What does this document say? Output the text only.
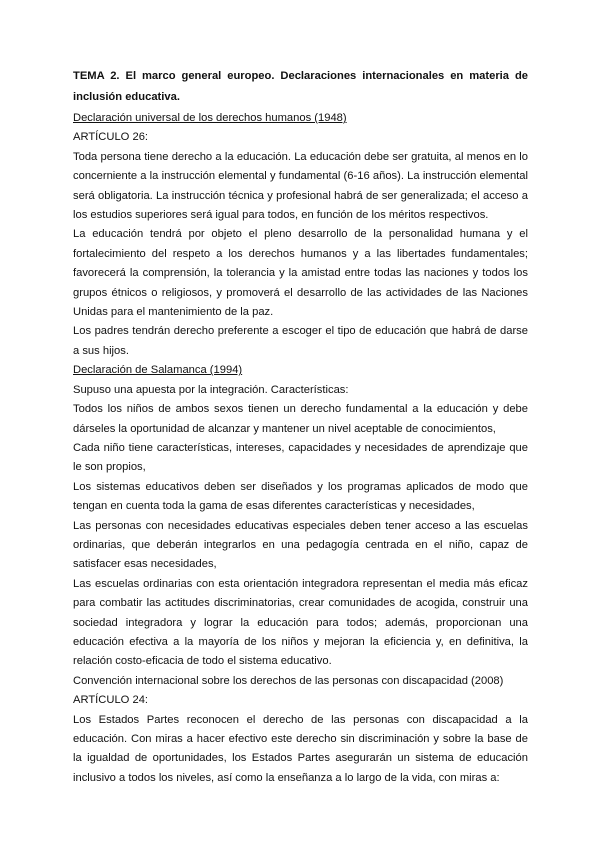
TEMA 2. El marco general europeo. Declaraciones internacionales en materia de inclusión educativa.

Declaración universal de los derechos humanos (1948)

ARTÍCULO 26:

Toda persona tiene derecho a la educación. La educación debe ser gratuita, al menos en lo concerniente a la instrucción elemental y fundamental (6-16 años). La instrucción elemental será obligatoria. La instrucción técnica y profesional habrá de ser generalizada; el acceso a los estudios superiores será igual para todos, en función de los méritos respectivos.

La educación tendrá por objeto el pleno desarrollo de la personalidad humana y el fortalecimiento del respeto a los derechos humanos y a las libertades fundamentales; favorecerá la comprensión, la tolerancia y la amistad entre todas las naciones y todos los grupos étnicos o religiosos, y promoverá el desarrollo de las actividades de las Naciones Unidas para el mantenimiento de la paz.

Los padres tendrán derecho preferente a escoger el tipo de educación que habrá de darse a sus hijos.

Declaración de Salamanca (1994)

Supuso una apuesta por la integración. Características:

Todos los niños de ambos sexos tienen un derecho fundamental a la educación y debe dárseles la oportunidad de alcanzar y mantener un nivel aceptable de conocimientos,

Cada niño tiene características, intereses, capacidades y necesidades de aprendizaje que le son propios,

Los sistemas educativos deben ser diseñados y los programas aplicados de modo que tengan en cuenta toda la gama de esas diferentes características y necesidades,

Las personas con necesidades educativas especiales deben tener acceso a las escuelas ordinarias, que deberán integrarlos en una pedagogía centrada en el niño, capaz de satisfacer esas necesidades,

Las escuelas ordinarias con esta orientación integradora representan el media más eficaz para combatir las actitudes discriminatorias, crear comunidades de acogida, construir una sociedad integradora y lograr la educación para todos; además, proporcionan una educación efectiva a la mayoría de los niños y mejoran la eficiencia y, en definitiva, la relación costo-eficacia de todo el sistema educativo.

Convención internacional sobre los derechos de las personas con discapacidad (2008)

ARTÍCULO 24:

Los Estados Partes reconocen el derecho de las personas con discapacidad a la educación. Con miras a hacer efectivo este derecho sin discriminación y sobre la base de la igualdad de oportunidades, los Estados Partes asegurarán un sistema de educación inclusivo a todos los niveles, así como la enseñanza a lo largo de la vida, con miras a:
